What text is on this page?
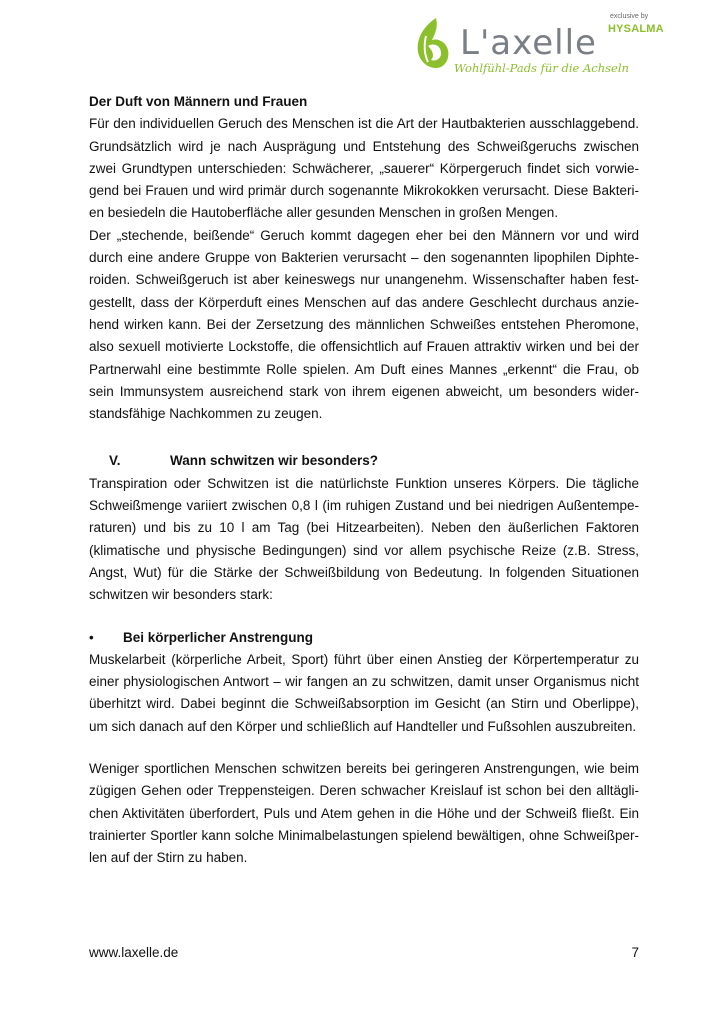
L'axelle
Wohlfühl-Pads für die Achseln
exclusive by
HYSALMA

Der Duft von Männern und Frauen

Für den individuellen Geruch des Menschen ist die Art der Hautbakterien ausschlaggebend. Grundsätzlich wird je nach Ausprägung und Entstehung des Schweißgeruchs zwischen zwei Grundtypen unterschieden: Schwächerer, „sauerer“ Körpergeruch findet sich vorwie-gend bei Frauen und wird primär durch sogenannte Mikrokokken verursacht. Diese Bakteri-en besiedeln die Hautoberfläche aller gesunden Menschen in großen Mengen.

Der „stechende, beißende“ Geruch kommt dagegen eher bei den Männern vor und wird durch eine andere Gruppe von Bakterien verursacht – den sogenannten lipophilen Diphte-roiden. Schweißgeruch ist aber keineswegs nur unangenehm. Wissenschafter haben fest-gestellt, dass der Körperduft eines Menschen auf das andere Geschlecht durchaus anzie-hend wirken kann. Bei der Zersetzung des männlichen Schweißes entstehen Pheromone, also sexuell motivierte Lockstoffe, die offensichtlich auf Frauen attraktiv wirken und bei der Partnerwahl eine bestimmte Rolle spielen. Am Duft eines Mannes „erkennt“ die Frau, ob sein Immunsystem ausreichend stark von ihrem eigenen abweicht, um besonders wider-standsfähige Nachkommen zu zeugen.

V.	Wann schwitzen wir besonders?

Transpiration oder Schwitzen ist die natürlichste Funktion unseres Körpers. Die tägliche Schweißmenge variiert zwischen 0,8 l (im ruhigen Zustand und bei niedrigen Außentempe-raturen) und bis zu 10 l am Tag (bei Hitzearbeiten). Neben den äußerlichen Faktoren (klimatische und physische Bedingungen) sind vor allem psychische Reize (z.B. Stress, Angst, Wut) für die Stärke der Schweißbildung von Bedeutung. In folgenden Situationen schwitzen wir besonders stark:

•	Bei körperlicher Anstrengung

Muskelarbeit (körperliche Arbeit, Sport) führt über einen Anstieg der Körpertemperatur zu einer physiologischen Antwort – wir fangen an zu schwitzen, damit unser Organismus nicht überhitzt wird. Dabei beginnt die Schweißabsorption im Gesicht (an Stirn und Oberlippe), um sich danach auf den Körper und schließlich auf Handteller und Fußsohlen auszubreiten.

Weniger sportlichen Menschen schwitzen bereits bei geringeren Anstrengungen, wie beim zügigen Gehen oder Treppensteigen. Deren schwacher Kreislauf ist schon bei den alltägli-chen Aktivitäten überfordert, Puls und Atem gehen in die Höhe und der Schweiß fließt. Ein trainierter Sportler kann solche Minimalbelastungen spielend bewältigen, ohne Schweißper-len auf der Stirn zu haben.

www.laxelle.de	7
